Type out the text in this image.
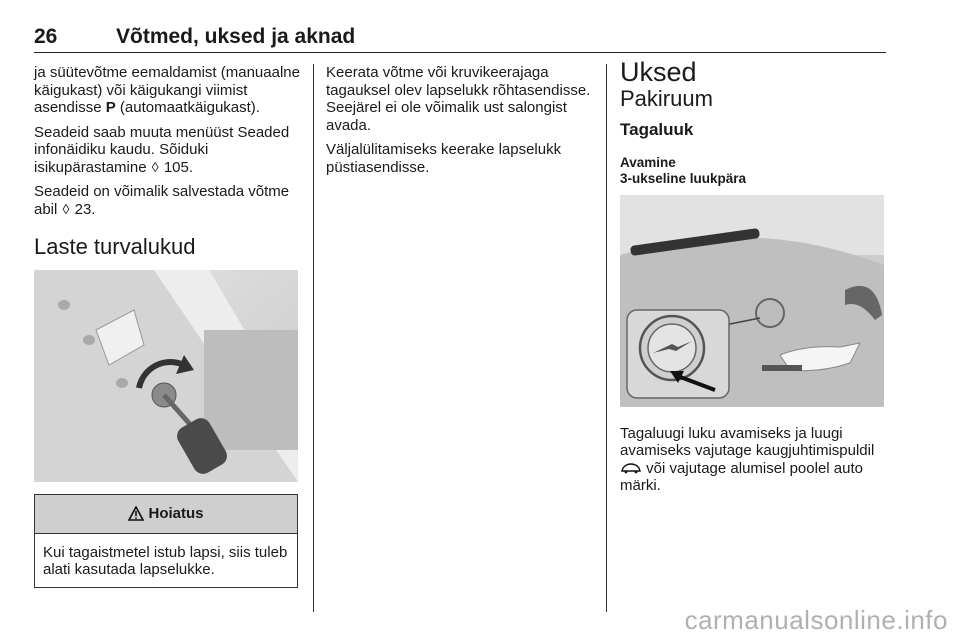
26	Võtmed, uksed ja aknad

ja süütevõtme eemaldamist (manuaalne käigukast) või käigukangi viimist asendisse P (automaatkäigukast).

Seadeid saab muuta menüüst Seaded infonäidiku kaudu. Sõiduki isikupärastamine ◊ 105.

Seadeid on võimalik salvestada võtme abil ◊ 23.

Laste turvalukud
Hoiatus
Kui tagaistmetel istub lapsi, siis tuleb alati kasutada lapselukke.

Keerata võtme või kruvikeerajaga tagauksel olev lapselukk rõhtasendisse. Seejärel ei ole võimalik ust salongist avada.

Väljalülitamiseks keerake lapselukk püstiasendisse.

Uksed
Pakiruum
Tagaluuk
Avamine
3-ukseline luukpära

Tagaluugi luku avamiseks ja luugi avamiseks vajutage kaugjuhtimispuldil  või vajutage alumisel poolel auto märki.

carmanualsonline.info
